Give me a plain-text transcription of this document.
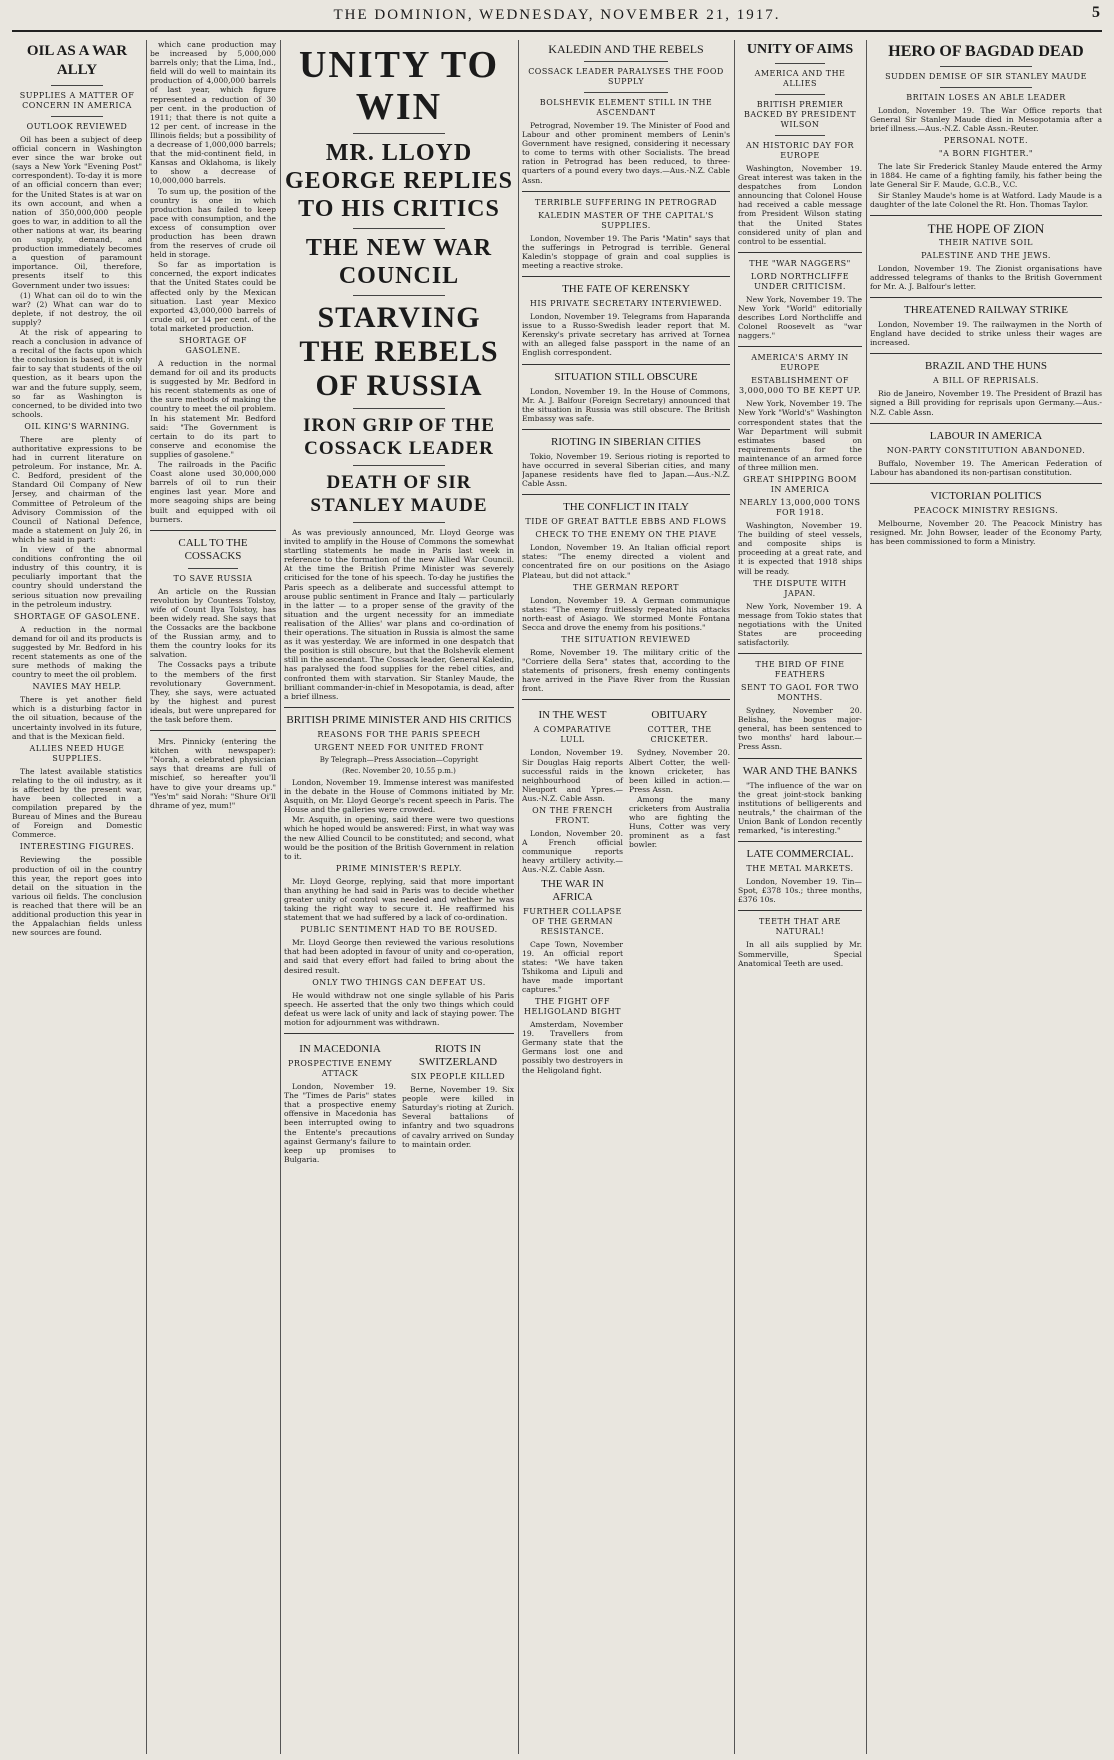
THE DOMINION, WEDNESDAY, NOVEMBER 21, 1917.	5
OIL AS A WAR ALLY
SUPPLIES A MATTER OF CONCERN IN AMERICA
OUTLOOK REVIEWED

Oil has been a subject of deep official concern in Washington ever since the war broke out (says a New York "Evening Post" correspondent). To-day it is more of an official concern than ever; for the United States is at war on its own account, and when a nation of 350,000,000 people goes to war, in addition to all the other nations at war, its bearing on supply, demand, and production immediately becomes a question of paramount importance. Oil, therefore, presents itself to this Government under two issues:

(1) What can oil do to win the war? (2) What can war do to deplete, if not destroy, the oil supply?

At the risk of appearing to reach a conclusion in advance of a recital of the facts upon which the conclusion is based, it is only fair to say that students of the oil question, as it bears upon the war and the future supply, seem, so far as Washington is concerned, to be divided into two schools.

OIL KING'S WARNING.

There are plenty of authoritative expressions to be had in current literature on petroleum. For instance, Mr. A. C. Bedford, president of the Standard Oil Company of New Jersey, and chairman of the Committee of Petroleum of the Advisory Commission of the Council of National Defence, made a statement on July 26, in which he said in part:

In view of the abnormal conditions confronting the oil industry of this country, it is peculiarly important that the country should understand the serious situation now prevailing in the petroleum industry.

SHORTAGE OF GASOLENE.

A reduction in the normal demand for oil and its products is suggested by Mr. Bedford in his recent statements as one of the sure methods of making the country to meet the oil problem.

NAVIES MAY HELP.

There is yet another field which is a disturbing factor in the oil situation, because of the uncertainty involved in its future, and that is the Mexican field.

ALLIES NEED HUGE SUPPLIES.

The latest available statistics relating to the oil industry, as it is affected by the present war, have been collected in a compilation prepared by the Bureau of Mines and the Bureau of Foreign and Domestic Commerce.

INTERESTING FIGURES.

Reviewing the possible production of oil in the country this year, the report goes into detail on the situation in the various oil fields. The conclusion is reached that there will be an additional production this year in the Appalachian fields unless new sources are found.

which cane production may be increased by 5,000,000 barrels only; that the Lima, Ind., field will do well to maintain its production of 4,000,000 barrels of last year, which figure represented a reduction of 30 per cent. in the production of 1911; that there is not quite a 12 per cent. of increase in the Illinois fields; but a possibility of a decrease of 1,000,000 barrels; that the mid-continent field, in Kansas and Oklahoma, is likely to show a decrease of 10,000,000 barrels.

To sum up, the position of the country is one in which production has failed to keep pace with consumption, and the excess of consumption over production has been drawn from the reserves of crude oil held in storage.

So far as importation is concerned, the export indicates that the United States could be affected only by the Mexican situation. Last year Mexico exported 43,000,000 barrels of crude oil, or 14 per cent. of the total marketed production.

SHORTAGE OF GASOLENE.

A reduction in the normal demand for oil and its products is suggested by Mr. Bedford in his recent statements as one of the sure methods of making the country to meet the oil problem. In his statement Mr. Bedford said: "The Government is certain to do its part to conserve and economise the supplies of gasolene."

The railroads in the Pacific Coast alone used 30,000,000 barrels of oil to run their engines last year. More and more seagoing ships are being built and equipped with oil burners.

CALL TO THE COSSACKS
TO SAVE RUSSIA

An article on the Russian revolution by Countess Tolstoy, wife of Count Ilya Tolstoy, has been widely read. She says that the Cossacks are the backbone of the Russian army, and to them the country looks for its salvation.

The Cossacks pays a tribute to the members of the first revolutionary Government. They, she says, were actuated by the highest and purest ideals, but were unprepared for the task before them.

Mrs. Pinnicky (entering the kitchen with newspaper): "Norah, a celebrated physician says that dreams are full of mischief, so hereafter you'll have to give your dreams up." "Yes'm" said Norah: "Shure Oi'll dhrame of yez, mum!"

UNITY TO WIN
MR. LLOYD GEORGE REPLIES TO HIS CRITICS
THE NEW WAR COUNCIL
STARVING THE REBELS OF RUSSIA
IRON GRIP OF THE COSSACK LEADER
DEATH OF SIR STANLEY MAUDE

As was previously announced, Mr. Lloyd George was invited to amplify in the House of Commons the somewhat startling statements he made in Paris last week in reference to the formation of the new Allied War Council. At the time the British Prime Minister was severely criticised for the tone of his speech. To-day he justifies the Paris speech as a deliberate and successful attempt to arouse public sentiment in France and Italy — particularly in the latter — to a proper sense of the gravity of the situation and the urgent necessity for an immediate realisation of the Allies' war plans and co-ordination of their operations. The situation in Russia is almost the same as it was yesterday. We are informed in one despatch that the position is still obscure, but that the Bolshevik element still in the ascendant. The Cossack leader, General Kaledin, has paralysed the food supplies for the rebel cities, and confronted them with starvation. Sir Stanley Maude, the brilliant commander-in-chief in Mesopotamia, is dead, after a brief illness.

BRITISH PRIME MINISTER AND HIS CRITICS
REASONS FOR THE PARIS SPEECH
URGENT NEED FOR UNITED FRONT
By Telegraph—Press Association—Copyright
(Rec. November 20, 10.55 p.m.)

London, November 19. Immense interest was manifested in the debate in the House of Commons initiated by Mr. Asquith, on Mr. Lloyd George's recent speech in Paris. The House and the galleries were crowded.

Mr. Asquith, in opening, said there were two questions which he hoped would be answered: First, in what way was the new Allied Council to be constituted; and second, what would be the position of the British Government in relation to it.

PRIME MINISTER'S REPLY.

Mr. Lloyd George, replying, said that more important than anything he had said in Paris was to decide whether greater unity of control was needed and whether he was taking the right way to secure it. He reaffirmed his statement that we had suffered by a lack of co-ordination.

PUBLIC SENTIMENT HAD TO BE ROUSED.

Mr. Lloyd George then reviewed the various resolutions that had been adopted in favour of unity and co-operation, and said that every effort had failed to bring about the desired result.

ONLY TWO THINGS CAN DEFEAT US.

He would withdraw not one single syllable of his Paris speech. He asserted that the only two things which could defeat us were lack of unity and lack of staying power. The motion for adjournment was withdrawn.

IN MACEDONIA
PROSPECTIVE ENEMY ATTACK

London, November 19. The "Times de Paris" states that a prospective enemy offensive in Macedonia has been interrupted owing to the Entente's precautions against Germany's failure to keep up promises to Bulgaria.

RIOTS IN SWITZERLAND
SIX PEOPLE KILLED

Berne, November 19. Six people were killed in Saturday's rioting at Zurich. Several battalions of infantry and two squadrons of cavalry arrived on Sunday to maintain order.

KALEDIN AND THE REBELS
COSSACK LEADER PARALYSES THE FOOD SUPPLY
BOLSHEVIK ELEMENT STILL IN THE ASCENDANT

Petrograd, November 19. The Minister of Food and Labour and other prominent members of Lenin's Government have resigned, considering it necessary to come to terms with other Socialists. The bread ration in Petrograd has been reduced, to three-quarters of a pound every two days.—Aus.-N.Z. Cable Assn.

TERRIBLE SUFFERING IN PETROGRAD
KALEDIN MASTER OF THE CAPITAL'S SUPPLIES.

London, November 19. The Paris "Matin" says that the sufferings in Petrograd is terrible. General Kaledin's stoppage of grain and coal supplies is meeting a reactive stroke.

THE FATE OF KERENSKY
HIS PRIVATE SECRETARY INTERVIEWED.

London, November 19. Telegrams from Haparanda issue to a Russo-Swedish leader report that M. Kerensky's private secretary has arrived at Tornea with an alleged false passport in the name of an English correspondent.

SITUATION STILL OBSCURE

London, November 19. In the House of Commons, Mr. A. J. Balfour (Foreign Secretary) announced that the situation in Russia was still obscure. The British Embassy was safe.

RIOTING IN SIBERIAN CITIES

Tokio, November 19. Serious rioting is reported to have occurred in several Siberian cities, and many Japanese residents have fled to Japan.—Aus.-N.Z. Cable Assn.

THE CONFLICT IN ITALY
TIDE OF GREAT BATTLE EBBS AND FLOWS
CHECK TO THE ENEMY ON THE PIAVE

London, November 19. An Italian official report states: "The enemy directed a violent and concentrated fire on our positions on the Asiago Plateau, but did not attack."

THE GERMAN REPORT

London, November 19. A German communique states: "The enemy fruitlessly repeated his attacks north-east of Asiago. We stormed Monte Fontana Secca and drove the enemy from his positions."

THE SITUATION REVIEWED

Rome, November 19. The military critic of the "Corriere della Sera" states that, according to the statements of prisoners, fresh enemy contingents have arrived in the Piave River from the Russian front.

IN THE WEST
A COMPARATIVE LULL

London, November 19. Sir Douglas Haig reports successful raids in the neighbourhood of Nieuport and Ypres.—Aus.-N.Z. Cable Assn.

ON THE FRENCH FRONT.

London, November 20. A French official communique reports heavy artillery activity.—Aus.-N.Z. Cable Assn.

THE WAR IN AFRICA
FURTHER COLLAPSE OF THE GERMAN RESISTANCE.

Cape Town, November 19. An official report states: "We have taken Tshikoma and Lipuli and have made important captures."

THE FIGHT OFF HELIGOLAND BIGHT

Amsterdam, November 19. Travellers from Germany state that the Germans lost one and possibly two destroyers in the Heligoland fight.

OBITUARY
COTTER, THE CRICKETER.

Sydney, November 20. Albert Cotter, the well-known cricketer, has been killed in action.—Press Assn.

Among the many cricketers from Australia who are fighting the Huns, Cotter was very prominent as a fast bowler.

UNITY OF AIMS
AMERICA AND THE ALLIES
BRITISH PREMIER BACKED BY PRESIDENT WILSON
AN HISTORIC DAY FOR EUROPE

Washington, November 19. Great interest was taken in the despatches from London announcing that Colonel House had received a cable message from President Wilson stating that the United States considered unity of plan and control to be essential.

THE "WAR NAGGERS"
LORD NORTHCLIFFE UNDER CRITICISM.

New York, November 19. The New York "World" editorially describes Lord Northcliffe and Colonel Roosevelt as "war naggers."

AMERICA'S ARMY IN EUROPE
ESTABLISHMENT OF 3,000,000 TO BE KEPT UP.

New York, November 19. The New York "World's" Washington correspondent states that the War Department will submit estimates based on requirements for the maintenance of an armed force of three million men.

GREAT SHIPPING BOOM IN AMERICA
NEARLY 13,000,000 TONS FOR 1918.

Washington, November 19. The building of steel vessels, and composite ships is proceeding at a great rate, and it is expected that 1918 ships will be ready.

THE DISPUTE WITH JAPAN.

New York, November 19. A message from Tokio states that negotiations with the United States are proceeding satisfactorily.

THE BIRD OF FINE FEATHERS
SENT TO GAOL FOR TWO MONTHS.

Sydney, November 20. Belisha, the bogus major-general, has been sentenced to two months' hard labour.—Press Assn.

WAR AND THE BANKS

"The influence of the war on the great joint-stock banking institutions of belligerents and neutrals," the chairman of the Union Bank of London recently remarked, "is interesting."

LATE COMMERCIAL.
THE METAL MARKETS.

London, November 19. Tin—Spot, £378 10s.; three months, £376 10s.

TEETH THAT ARE NATURAL!

In all ails supplied by Mr. Sommerville, Special Anatomical Teeth are used.

HERO OF BAGDAD DEAD
SUDDEN DEMISE OF SIR STANLEY MAUDE
BRITAIN LOSES AN ABLE LEADER

London, November 19. The War Office reports that General Sir Stanley Maude died in Mesopotamia after a brief illness.—Aus.-N.Z. Cable Assn.-Reuter.

PERSONAL NOTE.
"A BORN FIGHTER."

The late Sir Frederick Stanley Maude entered the Army in 1884. He came of a fighting family, his father being the late General Sir F. Maude, G.C.B., V.C.

Sir Stanley Maude's home is at Watford. Lady Maude is a daughter of the late Colonel the Rt. Hon. Thomas Taylor.

THE HOPE OF ZION
THEIR NATIVE SOIL
PALESTINE AND THE JEWS.

London, November 19. The Zionist organisations have addressed telegrams of thanks to the British Government for Mr. A. J. Balfour's letter.

THREATENED RAILWAY STRIKE

London, November 19. The railwaymen in the North of England have decided to strike unless their wages are increased.

BRAZIL AND THE HUNS
A BILL OF REPRISALS.

Rio de Janeiro, November 19. The President of Brazil has signed a Bill providing for reprisals upon Germany.—Aus.-N.Z. Cable Assn.

LABOUR IN AMERICA
NON-PARTY CONSTITUTION ABANDONED.

Buffalo, November 19. The American Federation of Labour has abandoned its non-partisan constitution.

VICTORIAN POLITICS
PEACOCK MINISTRY RESIGNS.

Melbourne, November 20. The Peacock Ministry has resigned. Mr. John Bowser, leader of the Economy Party, has been commissioned to form a Ministry.
